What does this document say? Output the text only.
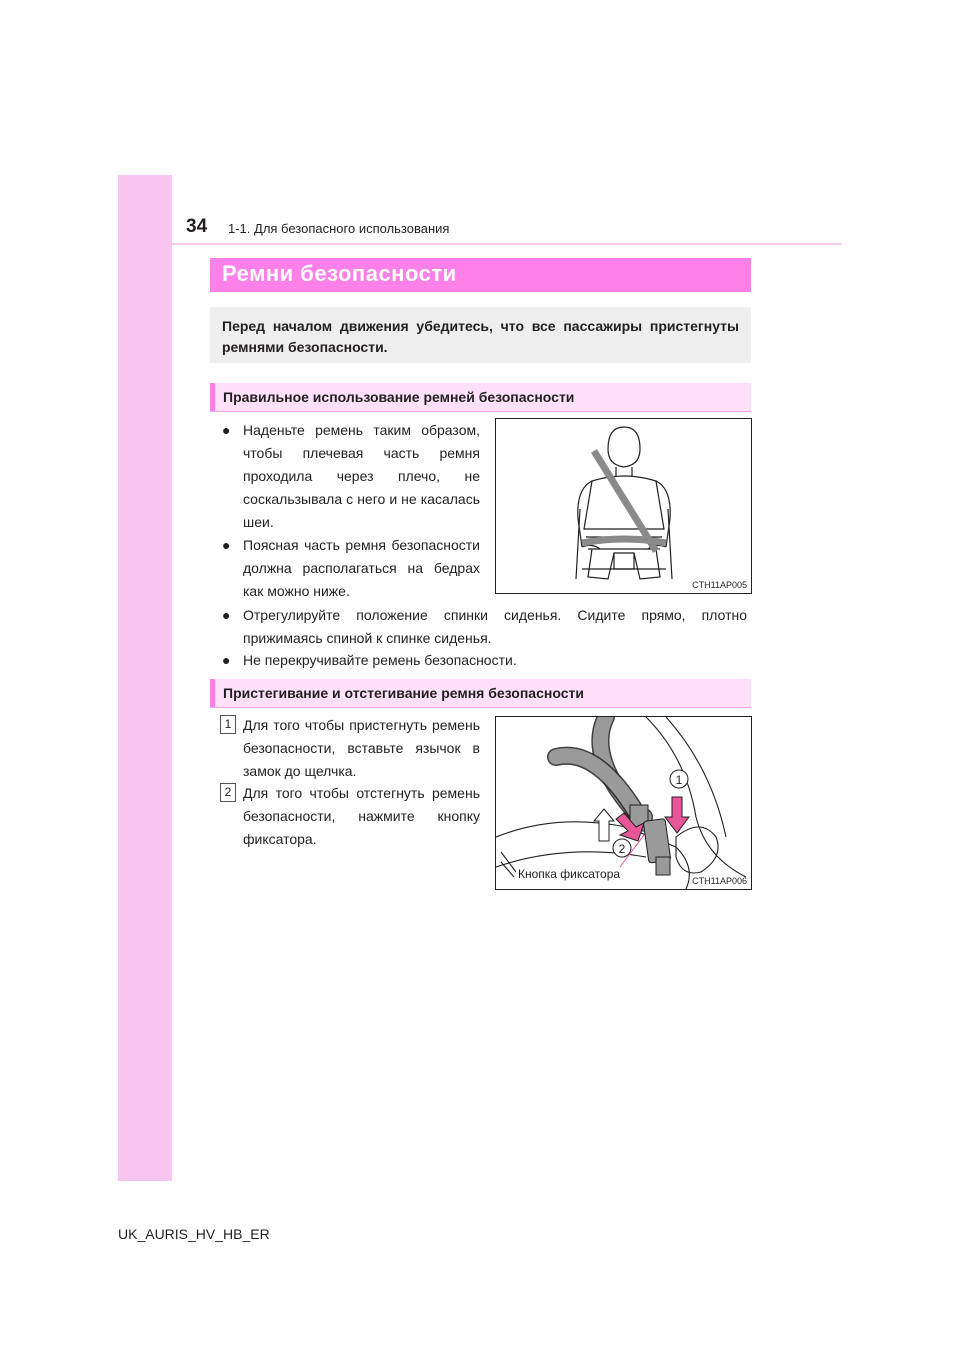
34 1-1. Для безопасного использования
Ремни безопасности

Перед началом движения убедитесь, что все пассажиры пристегнуты ремнями безопасности.

Правильное использование ремней безопасности
● Наденьте ремень таким образом, чтобы плечевая часть ремня проходила через плечо, не соскальзывала с него и не касалась шеи.
● Поясная часть ремня безопасности должна располагаться на бедрах как можно ниже.
● Отрегулируйте положение спинки сиденья. Сидите прямо, плотно прижимаясь спиной к спинке сиденья.
● Не перекручивайте ремень безопасности.
CTH11AP005
Пристегивание и отстегивание ремня безопасности
1 Для того чтобы пристегнуть ремень безопасности, вставьте язычок в замок до щелчка.
2 Для того чтобы отстегнуть ремень безопасности, нажмите кнопку фиксатора.
1
2
Кнопка фиксатора	CTH11AP006
UK_AURIS_HV_HB_ER
